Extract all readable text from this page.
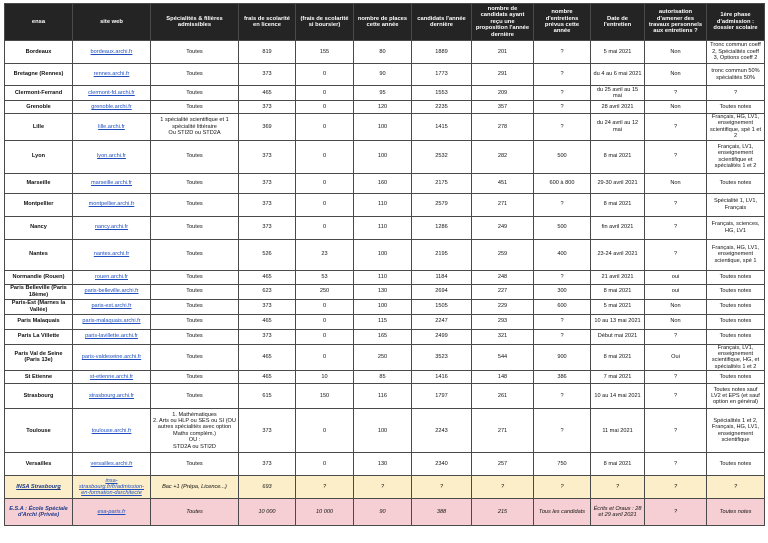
ensa	site web	Spécialités & filières admissibles	frais de scolarité en licence	(frais de scolarité si boursier)	nombre de places cette année	candidats l'année dernière	nombre de candidats ayant reçu une proposition l'année dernière	nombre d'entretiens prévus cette année	Date de l'entretien	autorisation d'amener des travaux personnels aux entretiens ?	1ère phase d'admission : dossier scolaire
Bordeaux	bordeaux.archi.fr	Toutes	819	155	80	1889	201	?	5 mai 2021	Non	Tronc commun coeff 2, Spécialités coeff 3, Options coeff 2
Bretagne (Rennes)	rennes.archi.fr	Toutes	373	0	90	1773	291	?	du 4 au 6 mai 2021	Non	tronc commun 50% spécialités 50%
Clermont-Ferrand	clermont-fd.archi.fr	Toutes	465	0	95	1553	209	?	du 25 avril au 15 mai	?	?
Grenoble	grenoble.archi.fr	Toutes	373	0	120	2235	357	?	28 avril 2021	Non	Toutes notes
Lille	lille.archi.fr	1 spécialité scientifique et 1 spécialité littéraire
Ou STI2D ou STD2A	369	0	100	1415	278	?	du 24 avril au 12 mai	?	Français, HG, LV1, enseignement scientifique, spé 1 et 2
Lyon	lyon.archi.fr	Toutes	373	0	100	2532	282	500	8 mai 2021	?	Français, LV1, enseignement scientifique et spécialités 1 et 2
Marseille	marseille.archi.fr	Toutes	373	0	160	2175	451	600 à 800	29-30 avril 2021	Non	Toutes notes
Montpellier	montpellier.archi.fr	Toutes	373	0	110	2579	271	?	8 mai 2021	?	Spécialité 1, LV1, Français
Nancy	nancy.archi.fr	Toutes	373	0	110	1286	249	500	fin avril 2021	?	Français, sciences, HG, LV1
Nantes	nantes.archi.fr	Toutes	526	23	100	2195	259	400	23-24 avril 2021	?	Français, HG, LV1, enseignement scientique, spé 1
Normandie (Rouen)	rouen.archi.fr	Toutes	465	53	110	1184	248	?	21 avril 2021	oui	Toutes notes
Paris Belleville (Paris 18ème)	paris-belleville.archi.fr	Toutes	623	250	130	2694	227	300	8 mai 2021	oui	Toutes notes
Paris-Est (Marnes la Vallée)	paris-est.archi.fr	Toutes	373	0	100	1505	229	600	5 mai 2021	Non	Toutes notes
Paris Malaquais	paris-malaquais.archi.fr	Toutes	465	0	115	2247	293	?	10 au 13 mai 2021	Non	Toutes notes
Paris La Villette	paris-lavillette.archi.fr	Toutes	373	0	165	2499	321	?	Début mai 2021	?	Toutes notes
Paris Val de Seine (Paris 13e)	paris-valdeseine.archi.fr	Toutes	465	0	250	3523	544	900	8 mai 2021	Oui	Français, LV1, enseignement scientifique, HG, et spécialités 1 et 2
St Etienne	st-etienne.archi.fr	Toutes	465	10	85	1416	148	386	7 mai 2021	?	Toutes notes
Strasbourg	strasbourg.archi.fr	Toutes	615	150	116	1797	261	?	10 au 14 mai 2021	?	Toutes notes sauf LV2 et EPS (et sauf option en général)
Toulouse	toulouse.archi.fr	1. Mathématiques
2. Arts ou HLP ou SES ou SI (OU autres spécialités avec option Maths complém.)
OU :
STD2A ou STI2D	373	0	100	2243	271	?	11 mai 2021	?	Spécialités 1 et 2, Français, HG, LV1, enseignement scientifique
Versailles	versailles.archi.fr	Toutes	373	0	130	2340	257	750	8 mai 2021	?	Toutes notes
INSA Strasbourg	insa-strasbourg.fr/fr/admission-en-formation-darchitecte	Bac +1 (Prépa, Licence...)	693	?	?	?	?	?	?	?	?
E.S.A : École Spéciale d'Archi (Privée)	esa-paris.fr	Toutes	10 000	10 000	90	388	215	Tous les candidats	Écrits et Oraux : 28 et 29 avril 2021	?	Toutes notes
